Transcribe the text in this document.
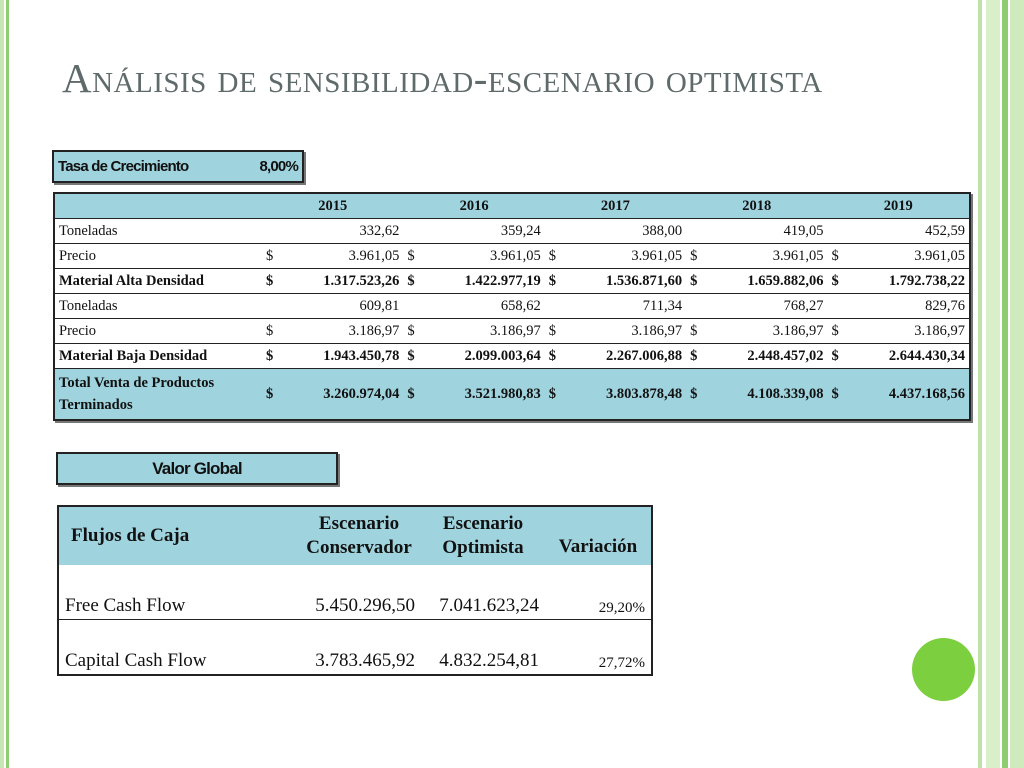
Análisis de sensibilidad-escenario optimista
Tasa de Crecimiento	8,00%
	2015		2016		2017		2018		2019	
Toneladas		332,62		359,24		388,00		419,05		452,59
Precio	$	3.961,05	$	3.961,05	$	3.961,05	$	3.961,05	$	3.961,05
Material Alta Densidad	$	1.317.523,26	$	1.422.977,19	$	1.536.871,60	$	1.659.882,06	$	1.792.738,22
Toneladas		609,81		658,62		711,34		768,27		829,76
Precio	$	3.186,97	$	3.186,97	$	3.186,97	$	3.186,97	$	3.186,97
Material Baja Densidad	$	1.943.450,78	$	2.099.003,64	$	2.267.006,88	$	2.448.457,02	$	2.644.430,34
Total Venta de Productos Terminados	$	3.260.974,04	$	3.521.980,83	$	3.803.878,48	$	4.108.339,08	$	4.437.168,56
Valor Global
Flujos de Caja	Escenario Conservador	Escenario Optimista	Variación
Free Cash Flow	5.450.296,50	7.041.623,24	29,20%
Capital Cash Flow	3.783.465,92	4.832.254,81	27,72%
